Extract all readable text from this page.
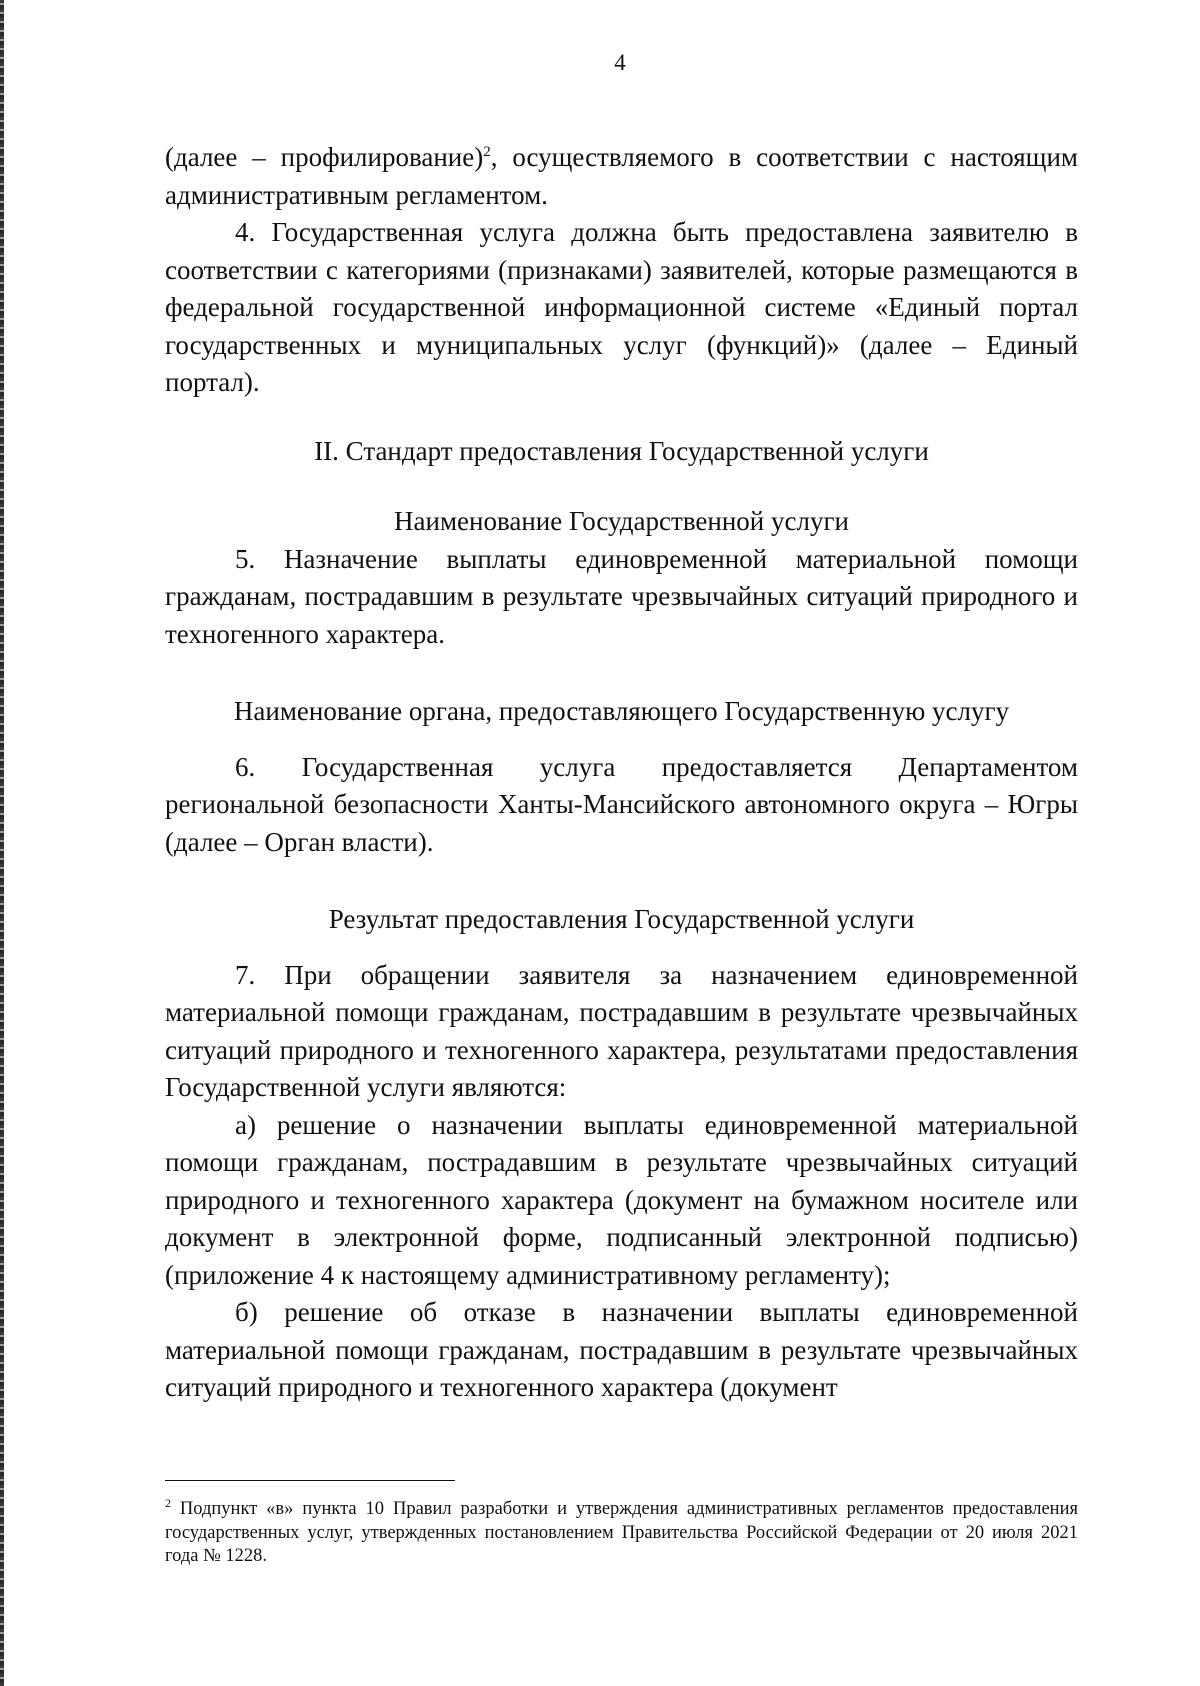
4

(далее – профилирование)$^2$, осуществляемого в соответствии с настоящим административным регламентом.

4. Государственная услуга должна быть предоставлена заявителю в соответствии с категориями (признаками) заявителей, которые размещаются в федеральной государственной информационной системе «Единый портал государственных и муниципальных услуг (функций)» (далее – Единый портал).

II. Стандарт предоставления Государственной услуги

Наименование Государственной услуги

5. Назначение выплаты единовременной материальной помощи гражданам, пострадавшим в результате чрезвычайных ситуаций природного и техногенного характера.

Наименование органа, предоставляющего Государственную услугу

6. Государственная услуга предоставляется Департаментом региональной безопасности Ханты-Мансийского автономного округа – Югры (далее – Орган власти).

Результат предоставления Государственной услуги

7. При обращении заявителя за назначением единовременной материальной помощи гражданам, пострадавшим в результате чрезвычайных ситуаций природного и техногенного характера, результатами предоставления Государственной услуги являются:

а) решение о назначении выплаты единовременной материальной помощи гражданам, пострадавшим в результате чрезвычайных ситуаций природного и техногенного характера (документ на бумажном носителе или документ в электронной форме, подписанный электронной подписью) (приложение 4 к настоящему административному регламенту);

б) решение об отказе в назначении выплаты единовременной материальной помощи гражданам, пострадавшим в результате чрезвычайных ситуаций природного и техногенного характера (документ

$^2$ Подпункт «в» пункта 10 Правил разработки и утверждения административных регламентов предоставления государственных услуг, утвержденных постановлением Правительства Российской Федерации от 20 июля 2021 года № 1228.
